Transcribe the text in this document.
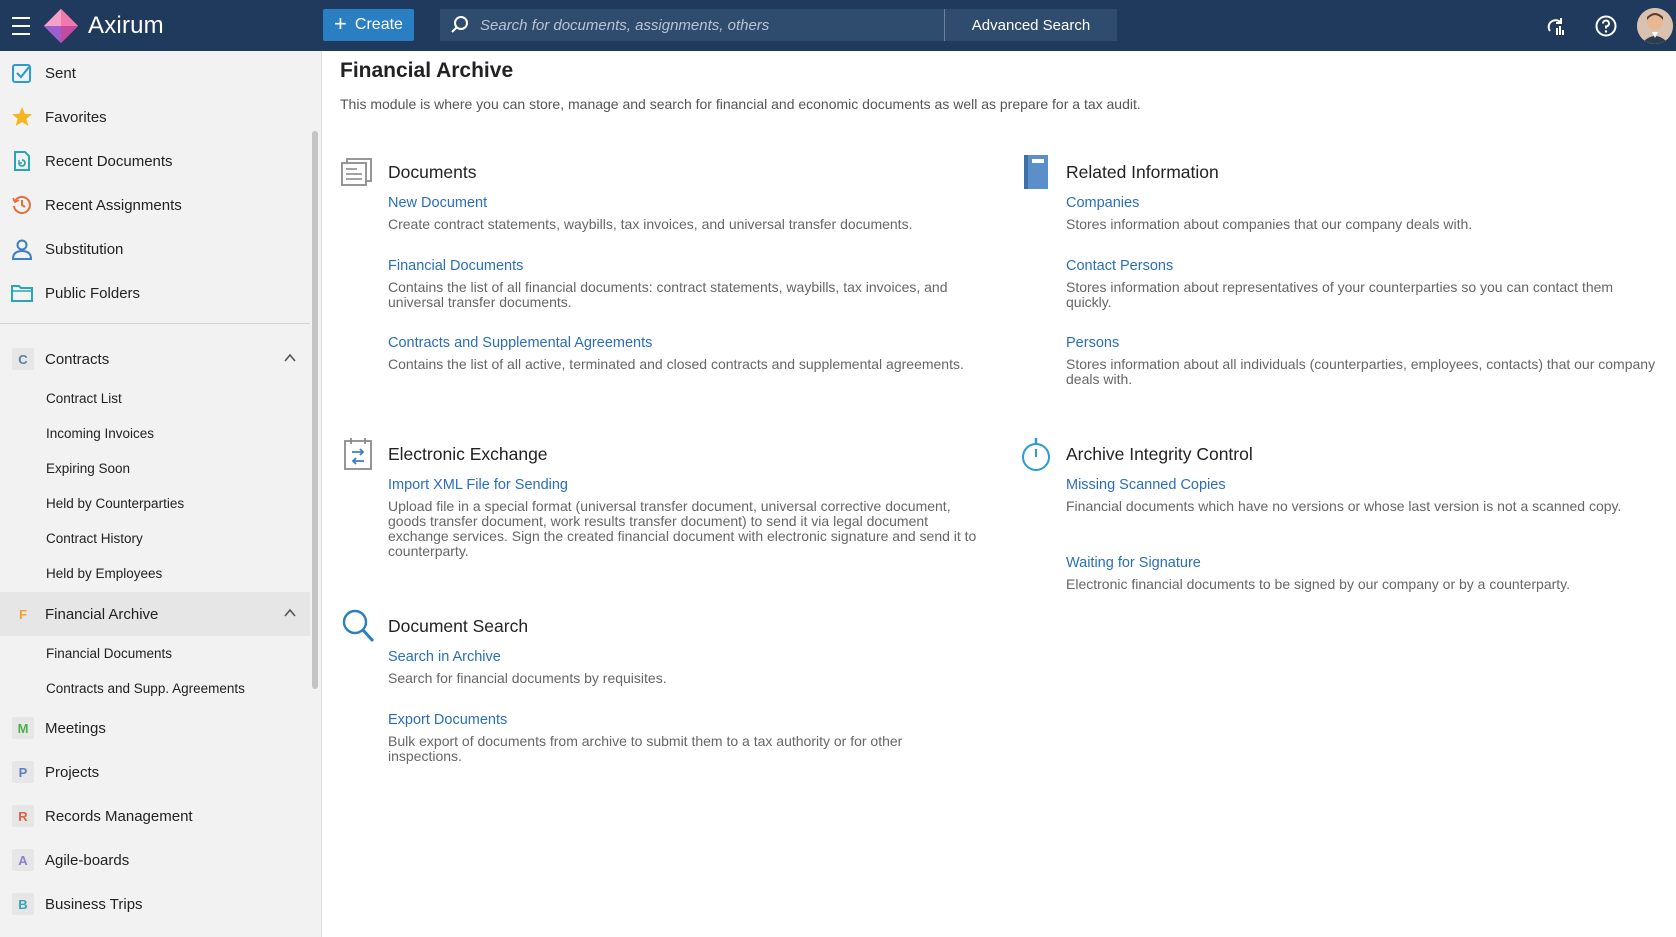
Axirum	+ Create
Search for documents, assignments, others	Advanced Search
Sent
Favorites
Recent Documents
Recent Assignments
Substitution
Public Folders
C	Contracts
Contract List
Incoming Invoices
Expiring Soon
Held by Counterparties
Contract History
Held by Employees
F	Financial Archive
Financial Documents
Contracts and Supp. Agreements
M	Meetings
P	Projects
R	Records Management
A	Agile-boards
B	Business Trips
Financial Archive
This module is where you can store, manage and search for financial and economic documents as well as prepare for a tax audit.
Documents
New Document

Create contract statements, waybills, tax invoices, and universal transfer documents.

Financial Documents

Contains the list of all financial documents: contract statements, waybills, tax invoices, and universal transfer documents.

Contracts and Supplemental Agreements

Contains the list of all active, terminated and closed contracts and supplemental agreements.

Electronic Exchange
Import XML File for Sending

Upload file in a special format (universal transfer document, universal corrective document, goods transfer document, work results transfer document) to send it via legal document exchange services. Sign the created financial document with electronic signature and send it to counterparty.

Document Search
Search in Archive

Search for financial documents by requisites.

Export Documents

Bulk export of documents from archive to submit them to a tax authority or for other inspections.

Related Information
Companies

Stores information about companies that our company deals with.

Contact Persons

Stores information about representatives of your counterparties so you can contact them quickly.

Persons

Stores information about all individuals (counterparties, employees, contacts) that our company deals with.

Archive Integrity Control
Missing Scanned Copies

Financial documents which have no versions or whose last version is not a scanned copy.

Waiting for Signature

Electronic financial documents to be signed by our company or by a counterparty.
